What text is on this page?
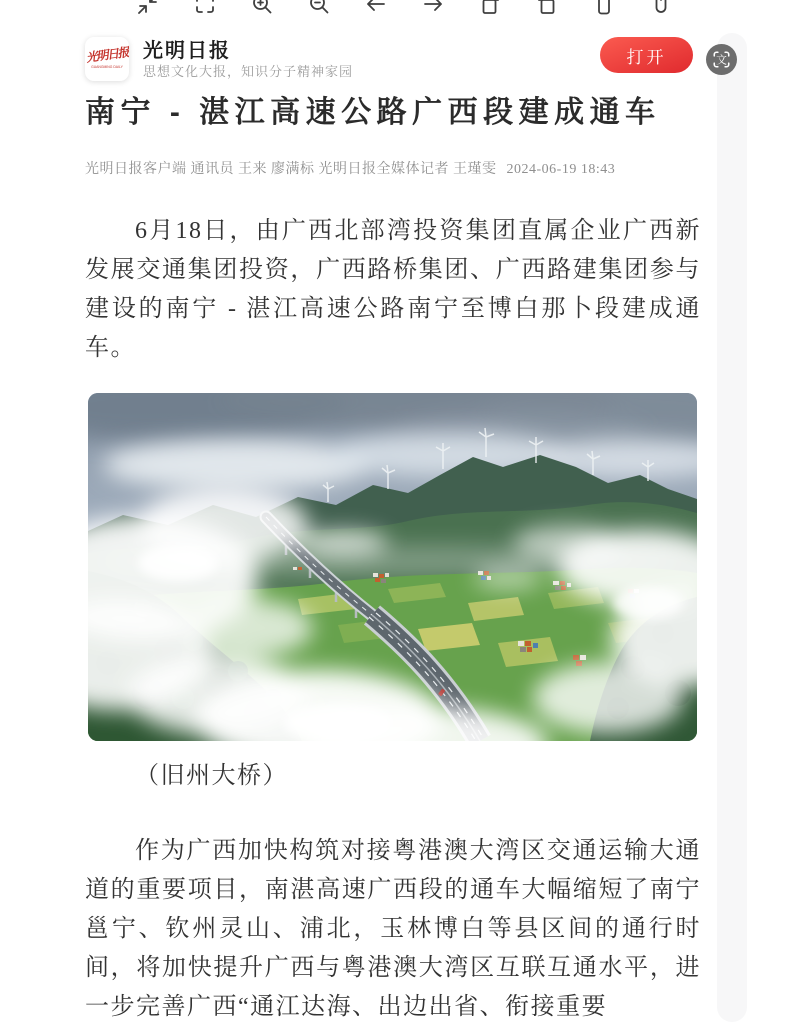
文
光明日报
GUANGMING DAILY
光明日报
思想文化大报，知识分子精神家园
打开
南宁 - 湛江高速公路广西段建成通车
光明日报客户端 通讯员 王来 廖满标 光明日报全媒体记者 王瑾雯 2024-06-19 18:43

6月18日，由广西北部湾投资集团直属企业广西新发展交通集团投资，广西路桥集团、广西路建集团参与建设的南宁 - 湛江高速公路南宁至博白那卜段建成通车。

（旧州大桥）

作为广西加快构筑对接粤港澳大湾区交通运输大通道的重要项目，南湛高速广西段的通车大幅缩短了南宁邕宁、钦州灵山、浦北，玉林博白等县区间的通行时间，将加快提升广西与粤港澳大湾区互联互通水平，进一步完善广西“通江达海、出边出省、衔接重要
